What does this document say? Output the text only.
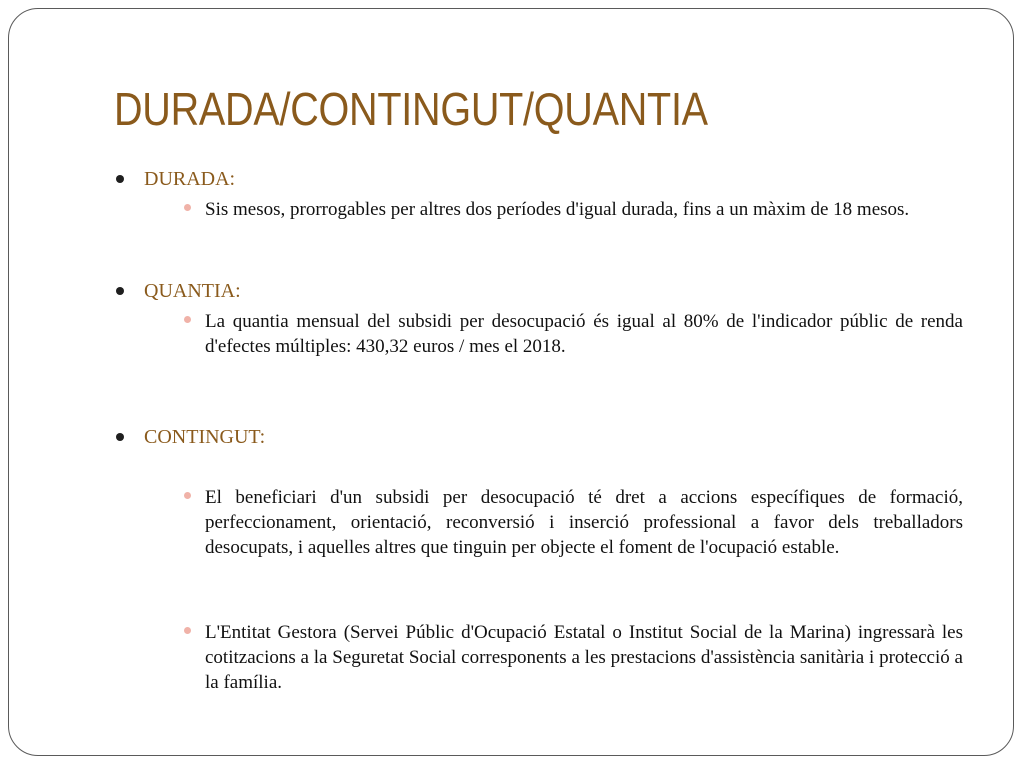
DURADA/CONTINGUT/QUANTIA
DURADA:

Sis mesos, prorrogables per altres dos períodes d'igual durada, fins a un màxim de 18 mesos.

QUANTIA:

La quantia mensual del subsidi per desocupació és igual al 80% de l'indicador públic de renda d'efectes múltiples: 430,32 euros / mes el 2018.

CONTINGUT:

El beneficiari d'un subsidi per desocupació té dret a accions específiques de formació, perfeccionament, orientació, reconversió i inserció professional a favor dels treballadors desocupats, i aquelles altres que tinguin per objecte el foment de l'ocupació estable.

L'Entitat Gestora (Servei Públic d'Ocupació Estatal o Institut Social de la Marina) ingressarà les cotitzacions a la Seguretat Social corresponents a les prestacions d'assistència sanitària i protecció a la família.
